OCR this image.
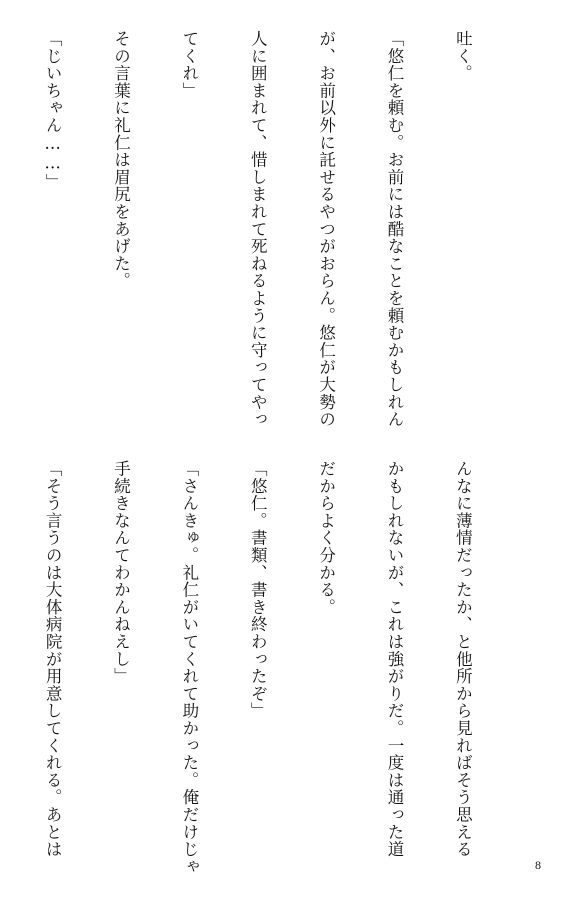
吐く。

「悠仁を頼む。お前には酷なことを頼むかもしれん

が、お前以外に託せるやつがおらん。悠仁が大勢の

人に囲まれて、惜しまれて死ねるように守ってやっ

てくれ」

その言葉に礼仁は眉尻をあげた。

「じいちゃん……」

んなに薄情だったか、と他所から見ればそう思える

かもしれないが、これは強がりだ。一度は通った道

だからよく分かる。

「悠仁。書類、書き終わったぞ」

「さんきゅ。礼仁がいてくれて助かった。俺だけじゃ

手続きなんてわかんねえし」

「そう言うのは大体病院が用意してくれる。あとは

8
